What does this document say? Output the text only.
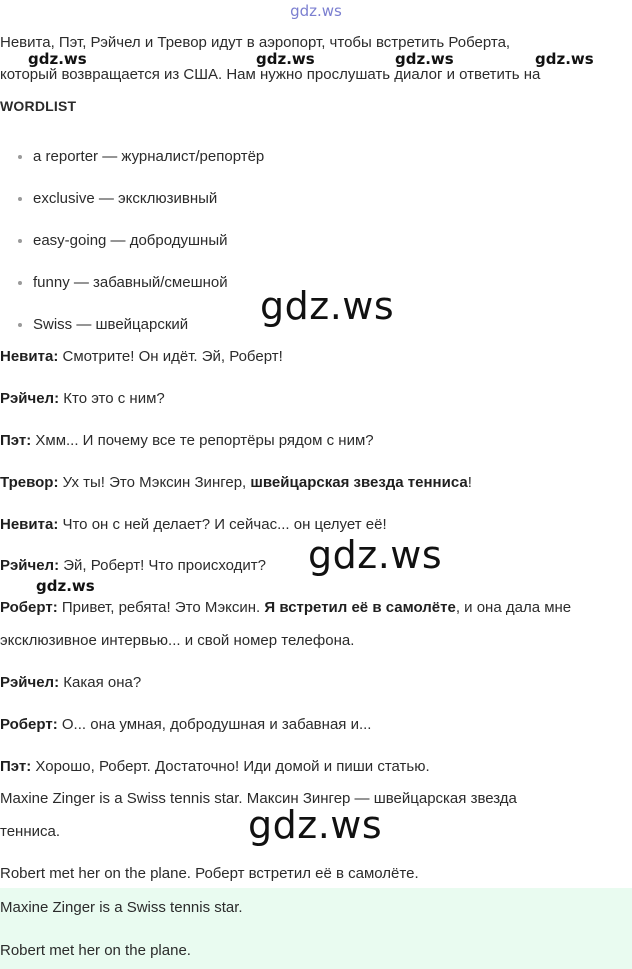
gdz.ws
Невита, Пэт, Рэйчел и Тревор идут в аэропорт, чтобы встретить Роберта,
который возвращается из США. Нам нужно прослушать диалог и ответить на
gdz.ws	gdz.ws	gdz.ws	gdz.ws
WORDLIST
a reporter — журналист/репортёр
exclusive — эксклюзивный
easy-going — добродушный
funny — забавный/смешной
Swiss — швейцарский	gdz.ws
Невита: Смотрите! Он идёт. Эй, Роберт!
Рэйчел: Кто это с ним?
Пэт: Хмм... И почему все те репортёры рядом с ним?
Тревор: Ух ты! Это Мэксин Зингер, швейцарская звезда тенниса!
Невита: Что он с ней делает? И сейчас... он целует её!
gdz.ws
Рэйчел: Эй, Роберт! Что происходит?
gdz.ws
Роберт: Привет, ребята! Это Мэксин. Я встретил её в самолёте, и она дала мне
эксклюзивное интервью... и свой номер телефона.
Рэйчел: Какая она?
Роберт: О... она умная, добродушная и забавная и...
Пэт: Хорошо, Роберт. Достаточно! Иди домой и пиши статью.
Maxine Zinger is a Swiss tennis star. Максин Зингер — швейцарская звезда
тенниса.	gdz.ws
Robert met her on the plane. Роберт встретил её в самолёте.
Maxine Zinger is a Swiss tennis star.
Robert met her on the plane.
